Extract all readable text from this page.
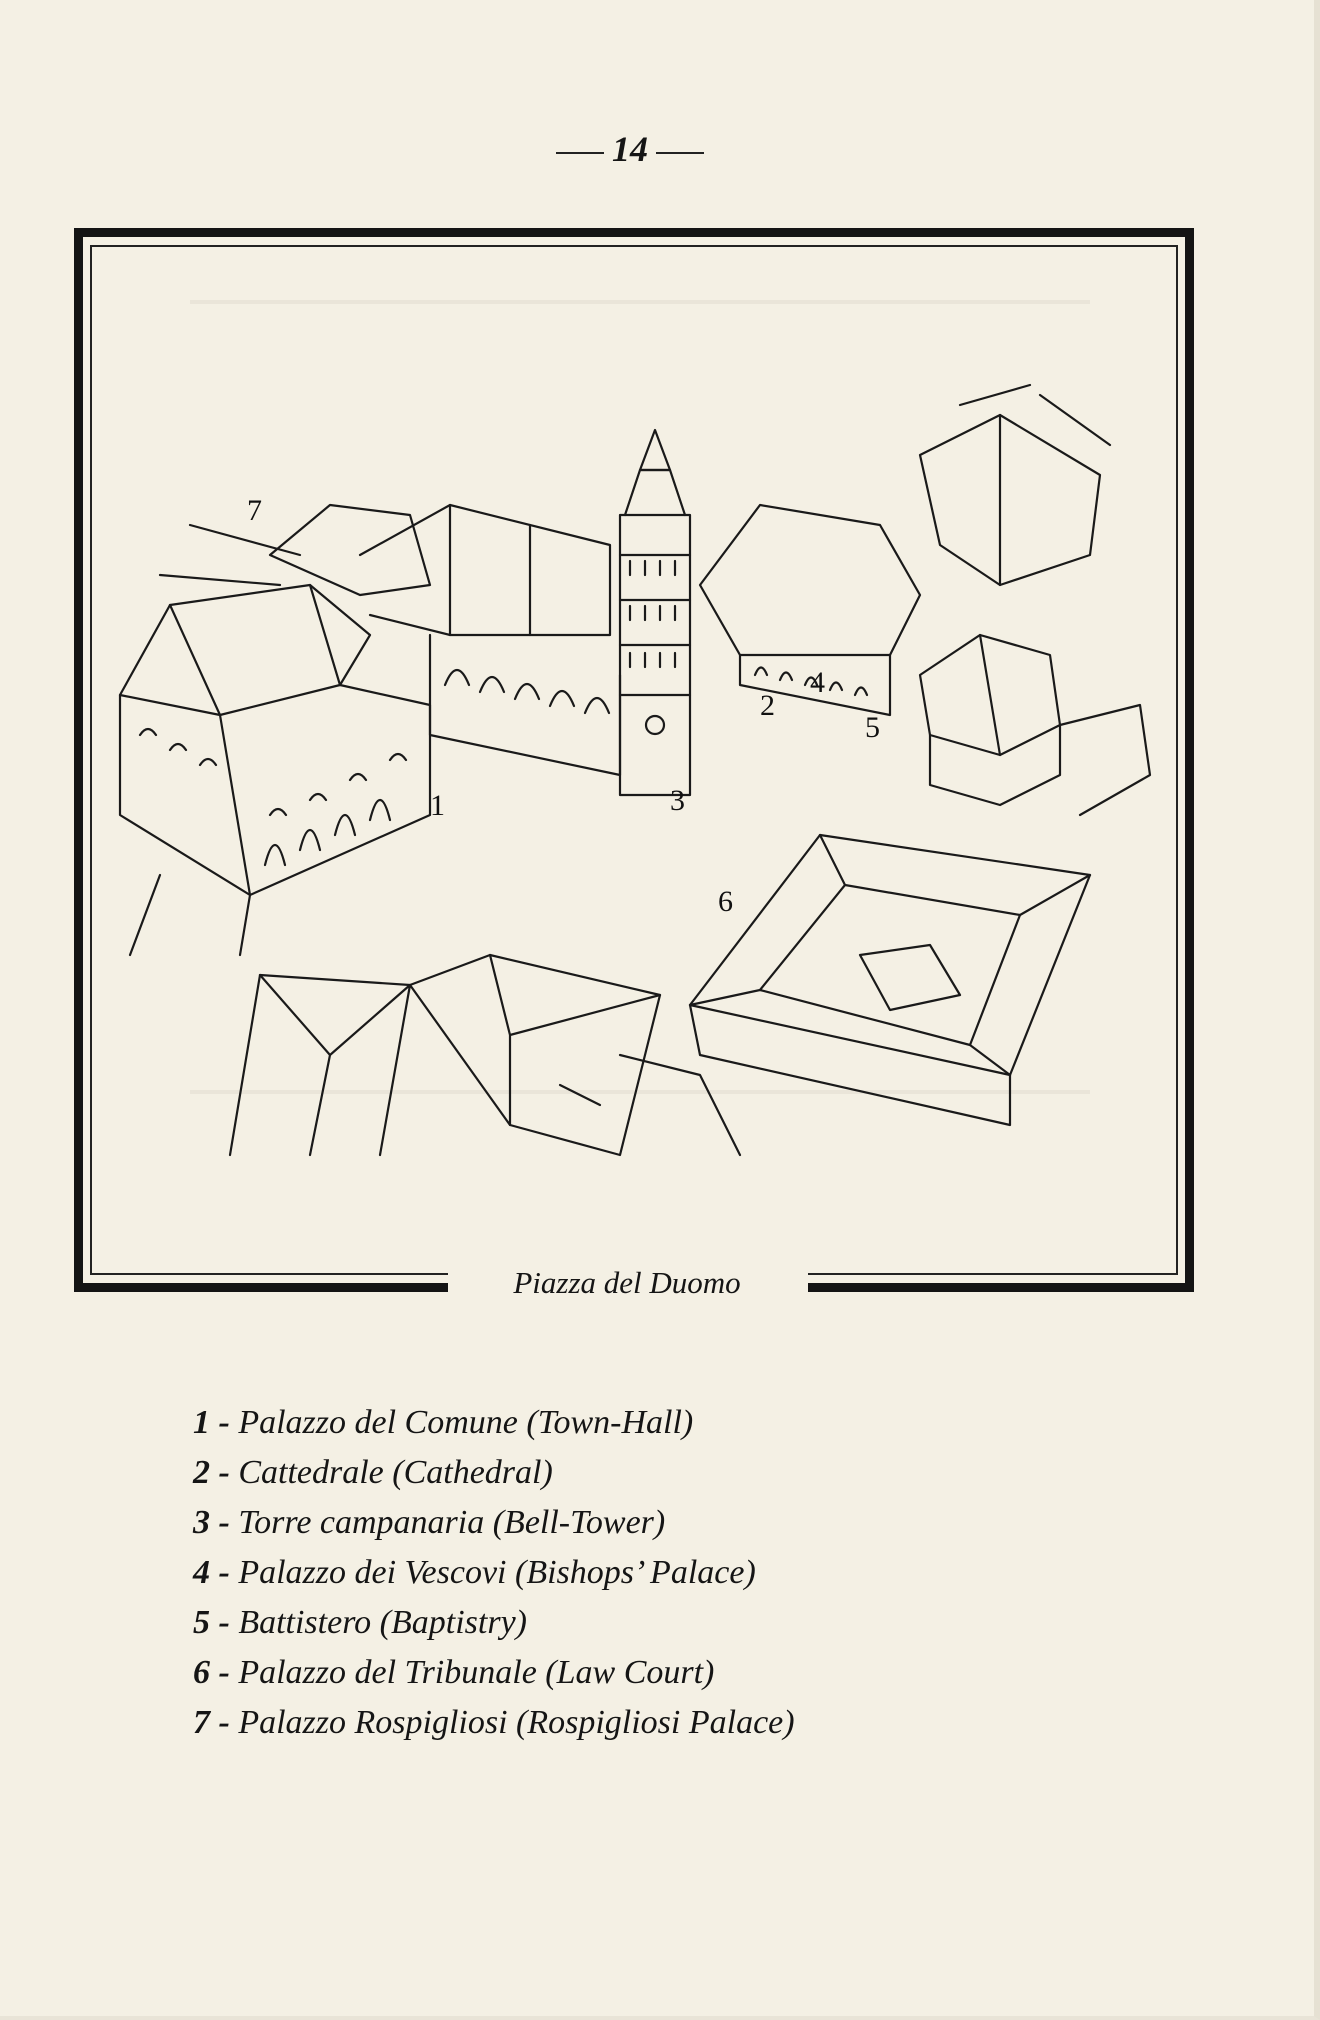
14
1
2
3
4
5
6
7
Piazza del Duomo
1 - Palazzo del Comune (Town-Hall)
2 - Cattedrale (Cathedral)
3 - Torre campanaria (Bell-Tower)
4 - Palazzo dei Vescovi (Bishops’ Palace)
5 - Battistero (Baptistry)
6 - Palazzo del Tribunale (Law Court)
7 - Palazzo Rospigliosi (Rospigliosi Palace)
